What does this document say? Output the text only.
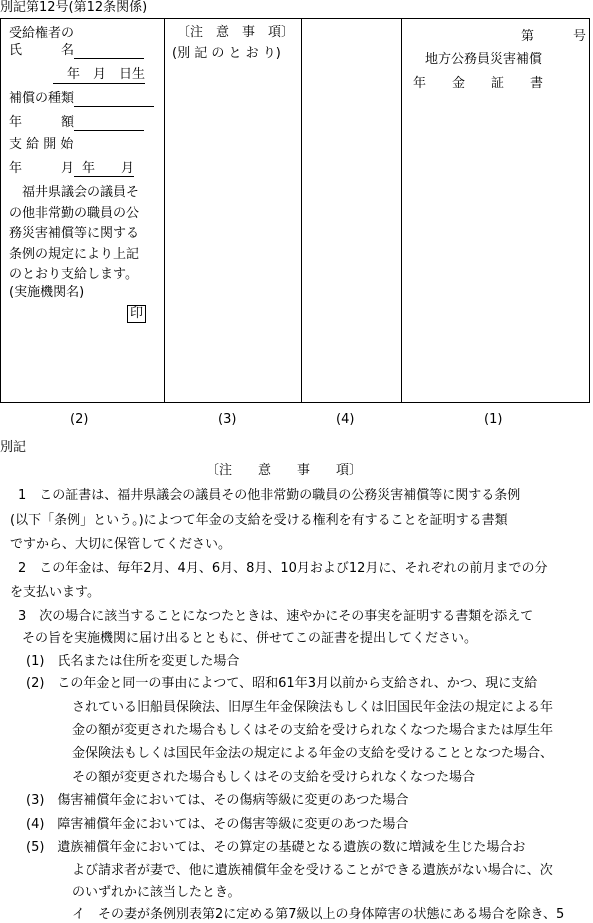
別記第12号(第12条関係)
受給権者の
氏　　　名
年　月　日生
補償の種類
年　　　額
支 給 開 始
年　　　月 年　　月
福井県議会の議員そ
の他非常勤の職員の公
務災害補償等に関する
条例の規定により上記
のとおり支給します。
(実施機関名)
印
〔注　意　事　項〕
(別 記 の と お り)
第　　　号
地方公務員災害補償
年　　金　　証　　書
(2)	(3)	(4)	(1)
別記
〔注　　意　　事　　項〕
1　この証書は、福井県議会の議員その他非常勤の職員の公務災害補償等に関する条例
(以下「条例」という。)によつて年金の支給を受ける権利を有することを証明する書類
ですから、大切に保管してください。
2　この年金は、毎年2月、4月、6月、8月、10月および12月に、それぞれの前月までの分
を支払います。
3　次の場合に該当することになつたときは、速やかにその事実を証明する書類を添えて
その旨を実施機関に届け出るとともに、併せてこの証書を提出してください。
(1)　氏名または住所を変更した場合
(2)　この年金と同一の事由によつて、昭和61年3月以前から支給され、かつ、現に支給
されている旧船員保険法、旧厚生年金保険法もしくは旧国民年金法の規定による年
金の額が変更された場合もしくはその支給を受けられなくなつた場合または厚生年
金保険法もしくは国民年金法の規定による年金の支給を受けることとなつた場合、
その額が変更された場合もしくはその支給を受けられなくなつた場合
(3)　傷害補償年金においては、その傷病等級に変更のあつた場合
(4)　障害補償年金においては、その傷害等級に変更のあつた場合
(5)　遺族補償年金においては、その算定の基礎となる遺族の数に増減を生じた場合お
よび請求者が妻で、他に遺族補償年金を受けることができる遺族がない場合に、次
のいずれかに該当したとき。
イ　その妻が条例別表第2に定める第7級以上の身体障害の状態にある場合を除き、5
